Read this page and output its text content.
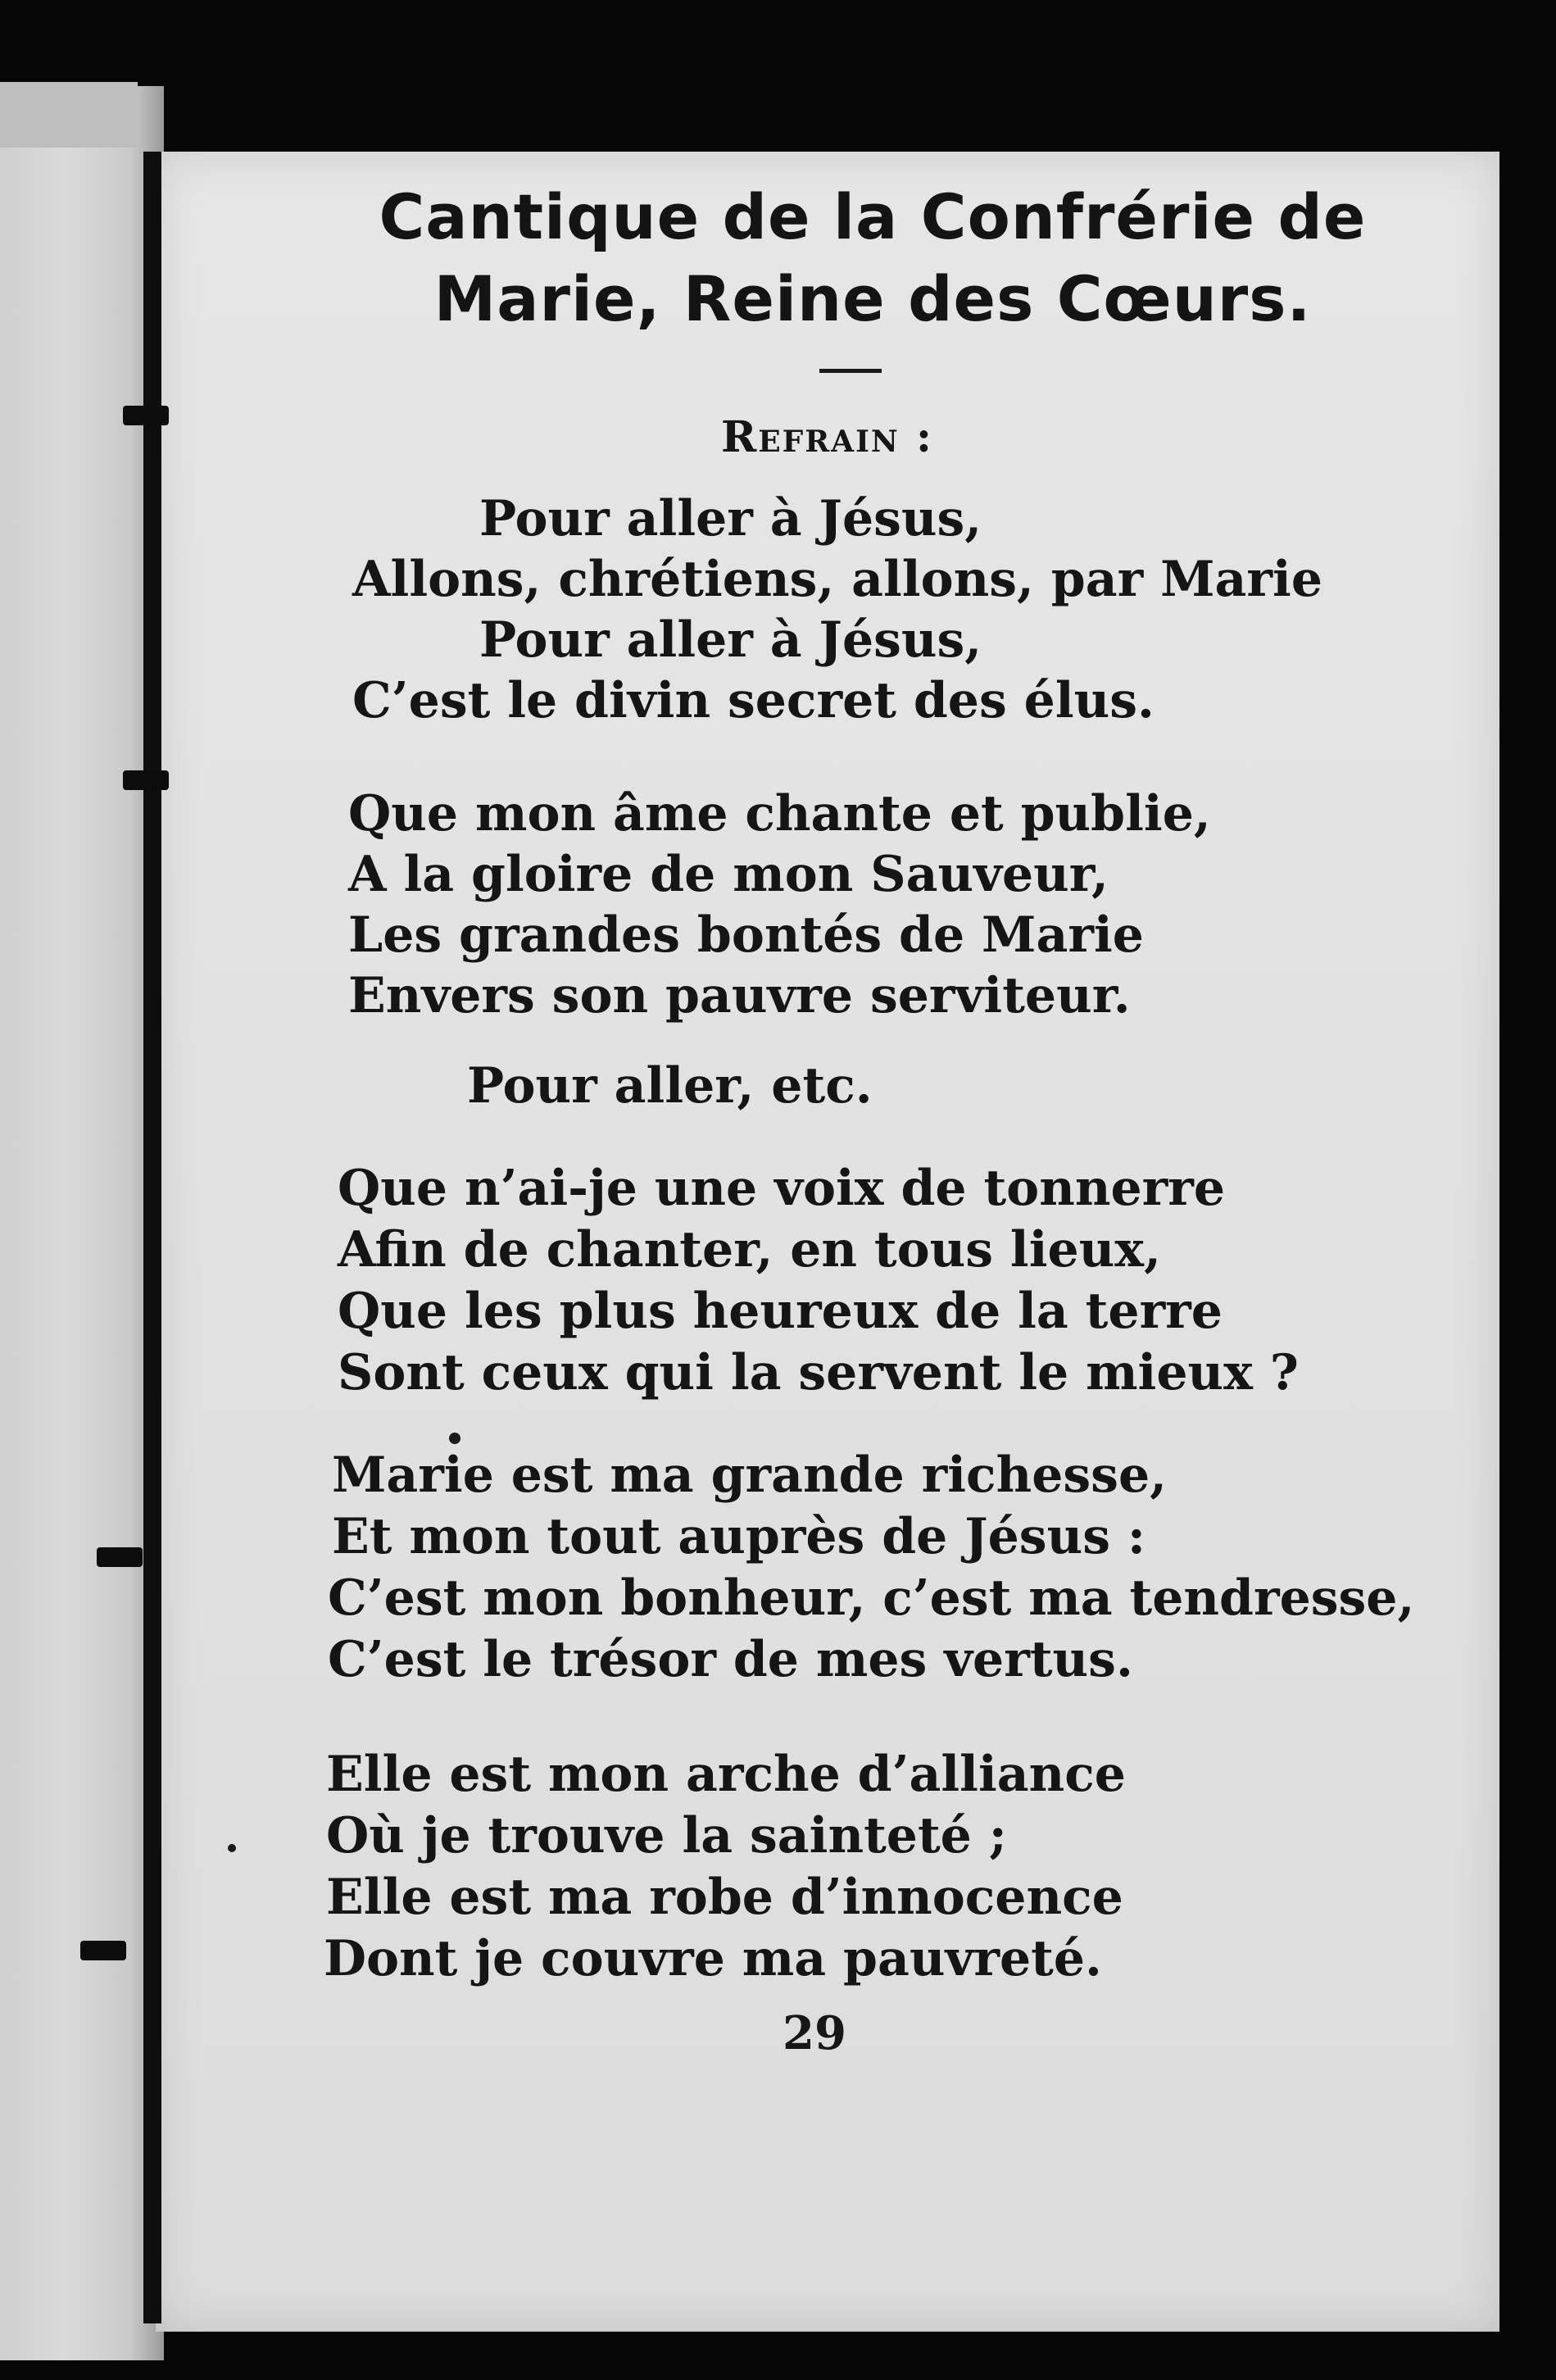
Cantique de la Confrérie de
Marie, Reine des Cœurs.
Refrain :
Pour aller à Jésus,
Allons, chrétiens, allons, par Marie
Pour aller à Jésus,
C’est le divin secret des élus.
Que mon âme chante et publie,
A la gloire de mon Sauveur,
Les grandes bontés de Marie
Envers son pauvre serviteur.
Pour aller, etc.
Que n’ai-je une voix de tonnerre
Afin de chanter, en tous lieux,
Que les plus heureux de la terre
Sont ceux qui la servent le mieux ?
Marie est ma grande richesse,
Et mon tout auprès de Jésus :
C’est mon bonheur, c’est ma tendresse,
C’est le trésor de mes vertus.
Elle est mon arche d’alliance
Où je trouve la sainteté ;
Elle est ma robe d’innocence
Dont je couvre ma pauvreté.
29
